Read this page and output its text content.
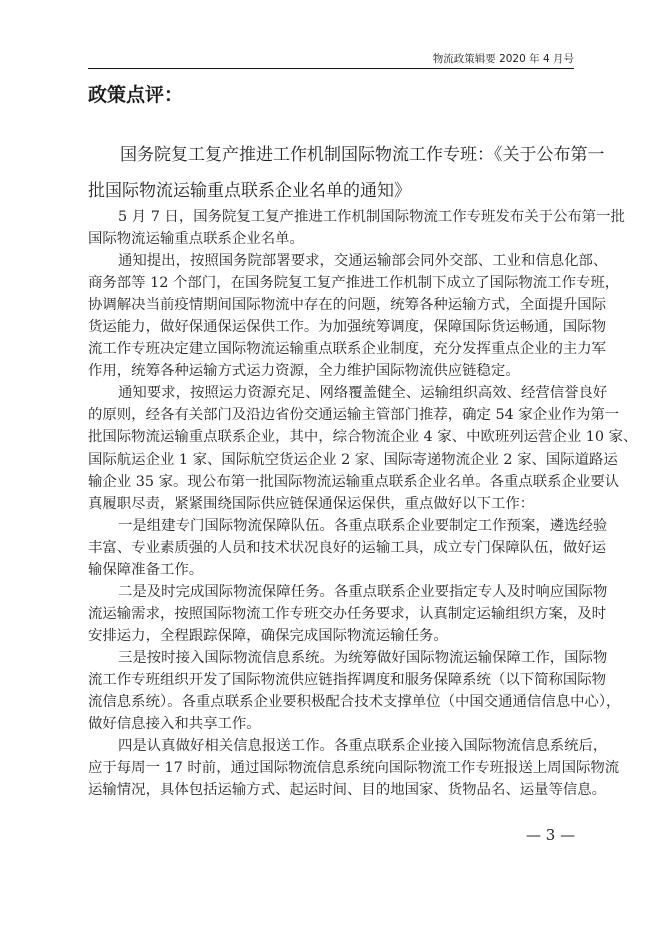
物流政策辑要 2020 年 4 月号
政策点评：
国务院复工复产推进工作机制国际物流工作专班：《关于公布第一
批国际物流运输重点联系企业名单的通知》
5 月 7 日，国务院复工复产推进工作机制国际物流工作专班发布关于公布第一批
国际物流运输重点联系企业名单。
通知提出，按照国务院部署要求，交通运输部会同外交部、工业和信息化部、
商务部等 12 个部门，在国务院复工复产推进工作机制下成立了国际物流工作专班，
协调解决当前疫情期间国际物流中存在的问题，统筹各种运输方式，全面提升国际
货运能力，做好保通保运保供工作。为加强统筹调度，保障国际货运畅通，国际物
流工作专班决定建立国际物流运输重点联系企业制度，充分发挥重点企业的主力军
作用，统筹各种运输方式运力资源，全力维护国际物流供应链稳定。
通知要求，按照运力资源充足、网络覆盖健全、运输组织高效、经营信誉良好
的原则，经各有关部门及沿边省份交通运输主管部门推荐，确定 54 家企业作为第一
批国际物流运输重点联系企业，其中，综合物流企业 4 家、中欧班列运营企业 10 家、
国际航运企业 1 家、国际航空货运企业 2 家、国际寄递物流企业 2 家、国际道路运
输企业 35 家。现公布第一批国际物流运输重点联系企业名单。各重点联系企业要认
真履职尽责，紧紧围绕国际供应链保通保运保供，重点做好以下工作：
一是组建专门国际物流保障队伍。各重点联系企业要制定工作预案，遴选经验
丰富、专业素质强的人员和技术状况良好的运输工具，成立专门保障队伍，做好运
输保障准备工作。
二是及时完成国际物流保障任务。各重点联系企业要指定专人及时响应国际物
流运输需求，按照国际物流工作专班交办任务要求，认真制定运输组织方案，及时
安排运力，全程跟踪保障，确保完成国际物流运输任务。
三是按时接入国际物流信息系统。为统筹做好国际物流运输保障工作，国际物
流工作专班组织开发了国际物流供应链指挥调度和服务保障系统（以下简称国际物
流信息系统）。各重点联系企业要积极配合技术支撑单位（中国交通通信信息中心），
做好信息接入和共享工作。
四是认真做好相关信息报送工作。各重点联系企业接入国际物流信息系统后，
应于每周一 17 时前，通过国际物流信息系统向国际物流工作专班报送上周国际物流
运输情况，具体包括运输方式、起运时间、目的地国家、货物品名、运量等信息。
— 3 —
